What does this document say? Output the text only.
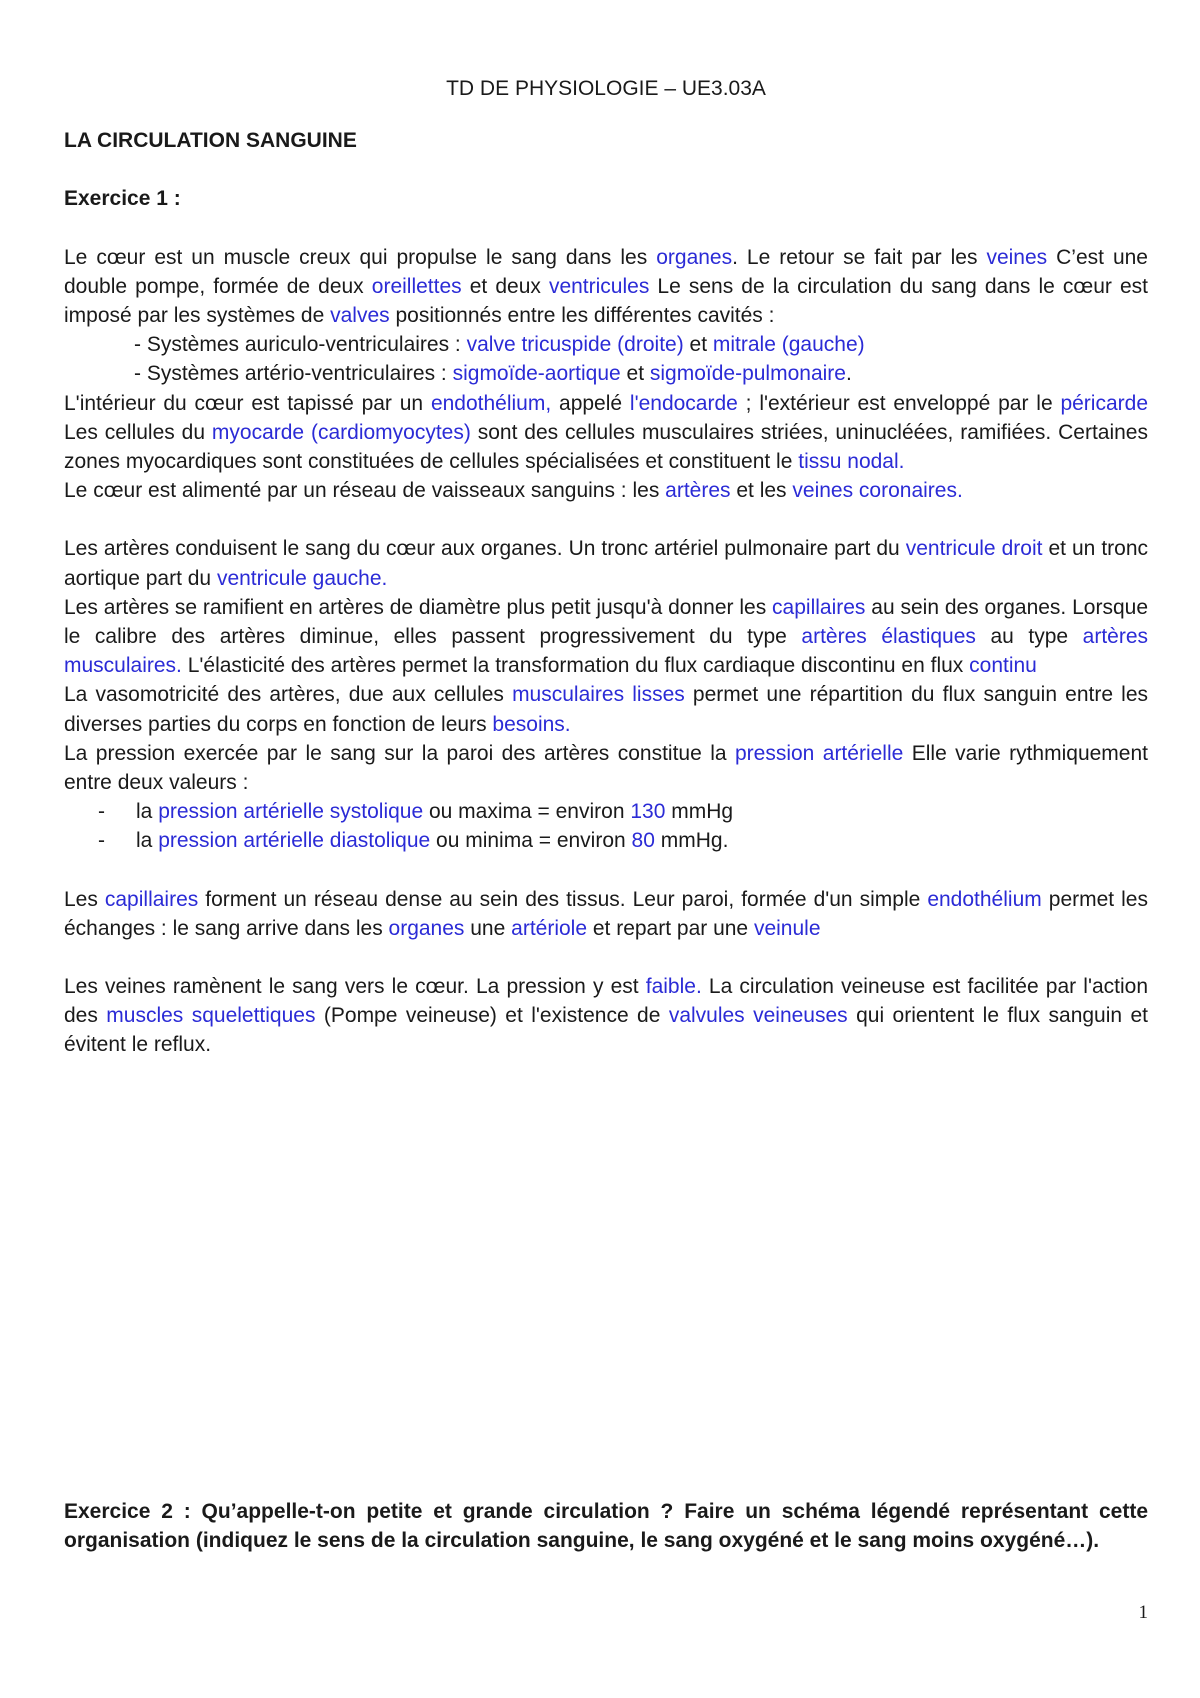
TD DE PHYSIOLOGIE – UE3.03A
LA CIRCULATION SANGUINE
Exercice 1 :

Le cœur est un muscle creux qui propulse le sang dans les organes. Le retour se fait par les veines C’est une double pompe, formée de deux oreillettes et deux ventricules Le sens de la circulation du sang dans le cœur est imposé par les systèmes de valves positionnés entre les différentes cavités :

- Systèmes auriculo-ventriculaires : valve tricuspide (droite) et mitrale (gauche)
- Systèmes artério-ventriculaires : sigmoïde-aortique et sigmoïde-pulmonaire.

L'intérieur du cœur est tapissé par un endothélium, appelé l'endocarde ; l'extérieur est enveloppé par le péricarde Les cellules du myocarde (cardiomyocytes) sont des cellules musculaires striées, uninucléées, ramifiées. Certaines zones myocardiques sont constituées de cellules spécialisées et constituent le tissu nodal.

Le cœur est alimenté par un réseau de vaisseaux sanguins : les artères et les veines coronaires.

Les artères conduisent le sang du cœur aux organes. Un tronc artériel pulmonaire part du ventricule droit et un tronc aortique part du ventricule gauche.

Les artères se ramifient en artères de diamètre plus petit jusqu'à donner les capillaires au sein des organes. Lorsque le calibre des artères diminue, elles passent progressivement du type artères élastiques au type artères musculaires. L'élasticité des artères permet la transformation du flux cardiaque discontinu en flux continu

La vasomotricité des artères, due aux cellules musculaires lisses permet une répartition du flux sanguin entre les diverses parties du corps en fonction de leurs besoins.

La pression exercée par le sang sur la paroi des artères constitue la pression artérielle Elle varie rythmiquement entre deux valeurs :

- la pression artérielle systolique ou maxima = environ 130 mmHg
- la pression artérielle diastolique ou minima = environ 80 mmHg.

Les capillaires forment un réseau dense au sein des tissus. Leur paroi, formée d'un simple endothélium permet les échanges : le sang arrive dans les organes une artériole et repart par une veinule

Les veines ramènent le sang vers le cœur. La pression y est faible. La circulation veineuse est facilitée par l'action des muscles squelettiques (Pompe veineuse) et l'existence de valvules veineuses qui orientent le flux sanguin et évitent le reflux.

Exercice 2 : Qu’appelle-t-on petite et grande circulation ? Faire un schéma légendé représentant cette organisation (indiquez le sens de la circulation sanguine, le sang oxygéné et le sang moins oxygéné…).

1
